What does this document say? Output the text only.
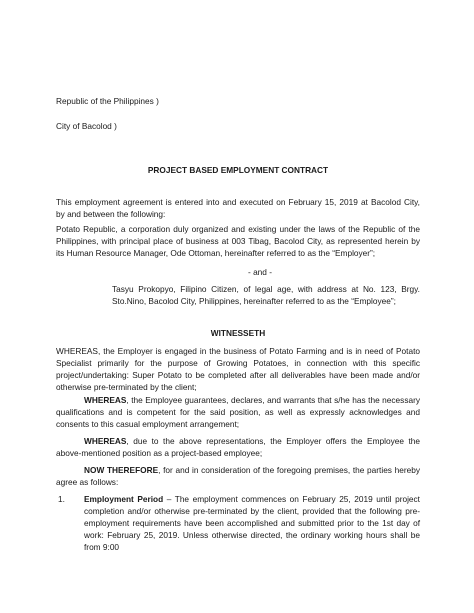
Republic of the Philippines )
City of Bacolod )
PROJECT BASED EMPLOYMENT CONTRACT
This employment agreement is entered into and executed on February 15, 2019 at Bacolod City, by and between the following:
Potato Republic, a corporation duly organized and existing under the laws of the Republic of the Philippines, with principal place of business at 003 Tibag, Bacolod City, as represented herein by its Human Resource Manager, Ode Ottoman, hereinafter referred to as the “Employer”;
- and -
Tasyu Prokopyo, Filipino Citizen, of legal age, with address at No. 123, Brgy. Sto.Nino, Bacolod City, Philippines, hereinafter referred to as the “Employee”;
WITNESSETH
WHEREAS, the Employer is engaged in the business of Potato Farming and is in need of Potato Specialist primarily for the purpose of Growing Potatoes, in connection with this specific project/undertaking: Super Potato to be completed after all deliverables have been made and/or otherwise pre-terminated by the client;
WHEREAS, the Employee guarantees, declares, and warrants that s/he has the necessary qualifications and is competent for the said position, as well as expressly acknowledges and consents to this casual employment arrangement;
WHEREAS, due to the above representations, the Employer offers the Employee the above-mentioned position as a project-based employee;
NOW THEREFORE, for and in consideration of the foregoing premises, the parties hereby agree as follows:
1.	Employment Period – The employment commences on February 25, 2019 until project completion and/or otherwise pre-terminated by the client, provided that the following pre-employment requirements have been accomplished and submitted prior to the 1st day of work: February 25, 2019. Unless otherwise directed, the ordinary working hours shall be from 9:00
